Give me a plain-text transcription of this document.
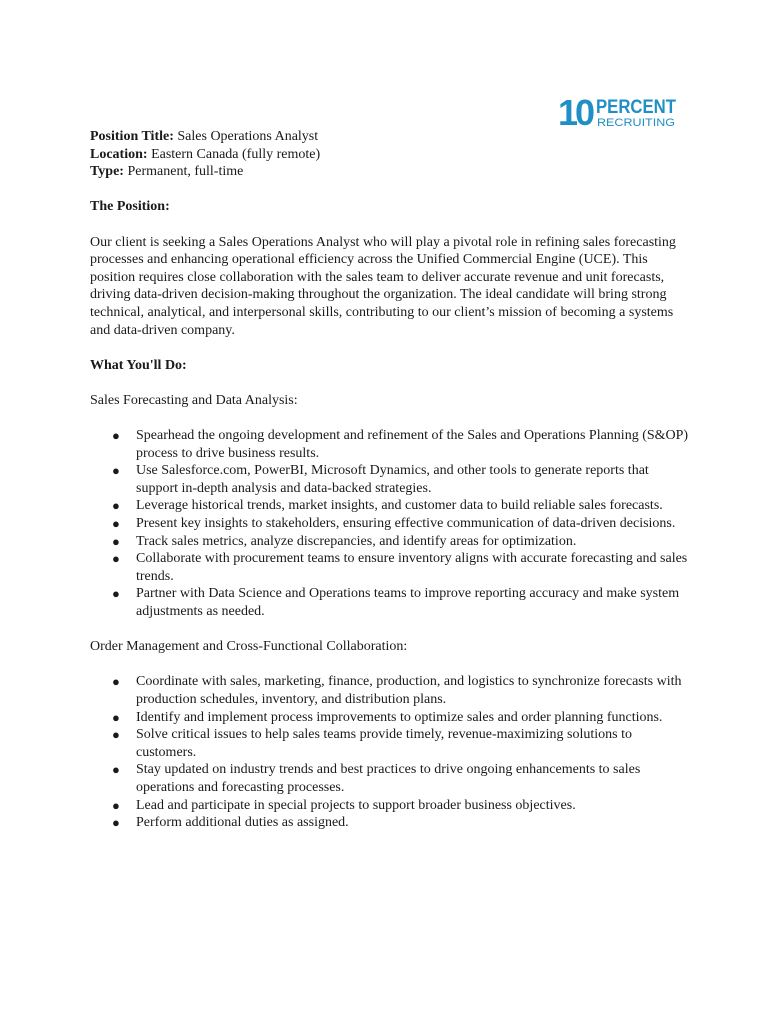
10 PERCENT
RECRUITING

Position Title: Sales Operations Analyst

Location: Eastern Canada (fully remote)

Type: Permanent, full-time

The Position:

Our client is seeking a Sales Operations Analyst who will play a pivotal role in refining sales forecasting processes and enhancing operational efficiency across the Unified Commercial Engine (UCE). This position requires close collaboration with the sales team to deliver accurate revenue and unit forecasts, driving data-driven decision-making throughout the organization. The ideal candidate will bring strong technical, analytical, and interpersonal skills, contributing to our client’s mission of becoming a systems and data-driven company.

What You'll Do:

Sales Forecasting and Data Analysis:

● Spearhead the ongoing development and refinement of the Sales and Operations Planning (S&OP) process to drive business results.
● Use Salesforce.com, PowerBI, Microsoft Dynamics, and other tools to generate reports that support in-depth analysis and data-backed strategies.
● Leverage historical trends, market insights, and customer data to build reliable sales forecasts.
● Present key insights to stakeholders, ensuring effective communication of data-driven decisions.
● Track sales metrics, analyze discrepancies, and identify areas for optimization.
● Collaborate with procurement teams to ensure inventory aligns with accurate forecasting and sales trends.
● Partner with Data Science and Operations teams to improve reporting accuracy and make system adjustments as needed.

Order Management and Cross-Functional Collaboration:

● Coordinate with sales, marketing, finance, production, and logistics to synchronize forecasts with production schedules, inventory, and distribution plans.
● Identify and implement process improvements to optimize sales and order planning functions.
● Solve critical issues to help sales teams provide timely, revenue-maximizing solutions to customers.
● Stay updated on industry trends and best practices to drive ongoing enhancements to sales operations and forecasting processes.
● Lead and participate in special projects to support broader business objectives.
● Perform additional duties as assigned.
